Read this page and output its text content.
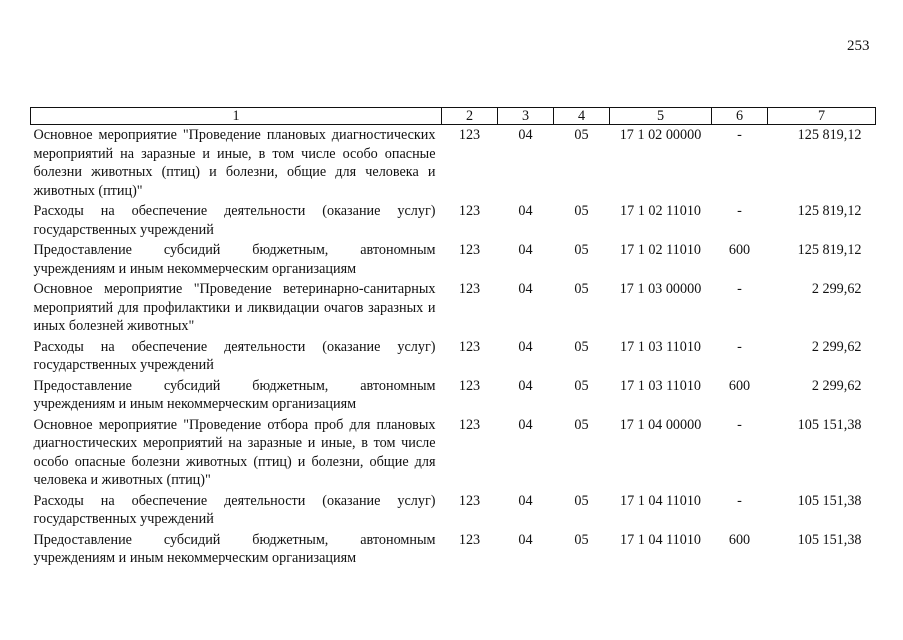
253
1	2	3	4	5	6	7
Основное мероприятие "Проведение плановых диагностических мероприятий на заразные и иные, в том числе особо опасные болезни животных (птиц) и болезни, общие для человека и животных (птиц)"	123	04	05	17 1 02 00000	-	125 819,12
Расходы на обеспечение деятельности (оказание услуг) государственных учреждений	123	04	05	17 1 02 11010	-	125 819,12
Предоставление субсидий бюджетным, автономным учреждениям и иным некоммерческим организациям	123	04	05	17 1 02 11010	600	125 819,12
Основное мероприятие "Проведение ветеринарно-санитарных мероприятий для профилактики и ликвидации очагов заразных и иных болезней животных"	123	04	05	17 1 03 00000	-	2 299,62
Расходы на обеспечение деятельности (оказание услуг) государственных учреждений	123	04	05	17 1 03 11010	-	2 299,62
Предоставление субсидий бюджетным, автономным учреждениям и иным некоммерческим организациям	123	04	05	17 1 03 11010	600	2 299,62
Основное мероприятие "Проведение отбора проб для плановых диагностических мероприятий на заразные и иные, в том числе особо опасные болезни животных (птиц) и болезни, общие для человека и животных (птиц)"	123	04	05	17 1 04 00000	-	105 151,38
Расходы на обеспечение деятельности (оказание услуг) государственных учреждений	123	04	05	17 1 04 11010	-	105 151,38
Предоставление субсидий бюджетным, автономным учреждениям и иным некоммерческим организациям	123	04	05	17 1 04 11010	600	105 151,38
